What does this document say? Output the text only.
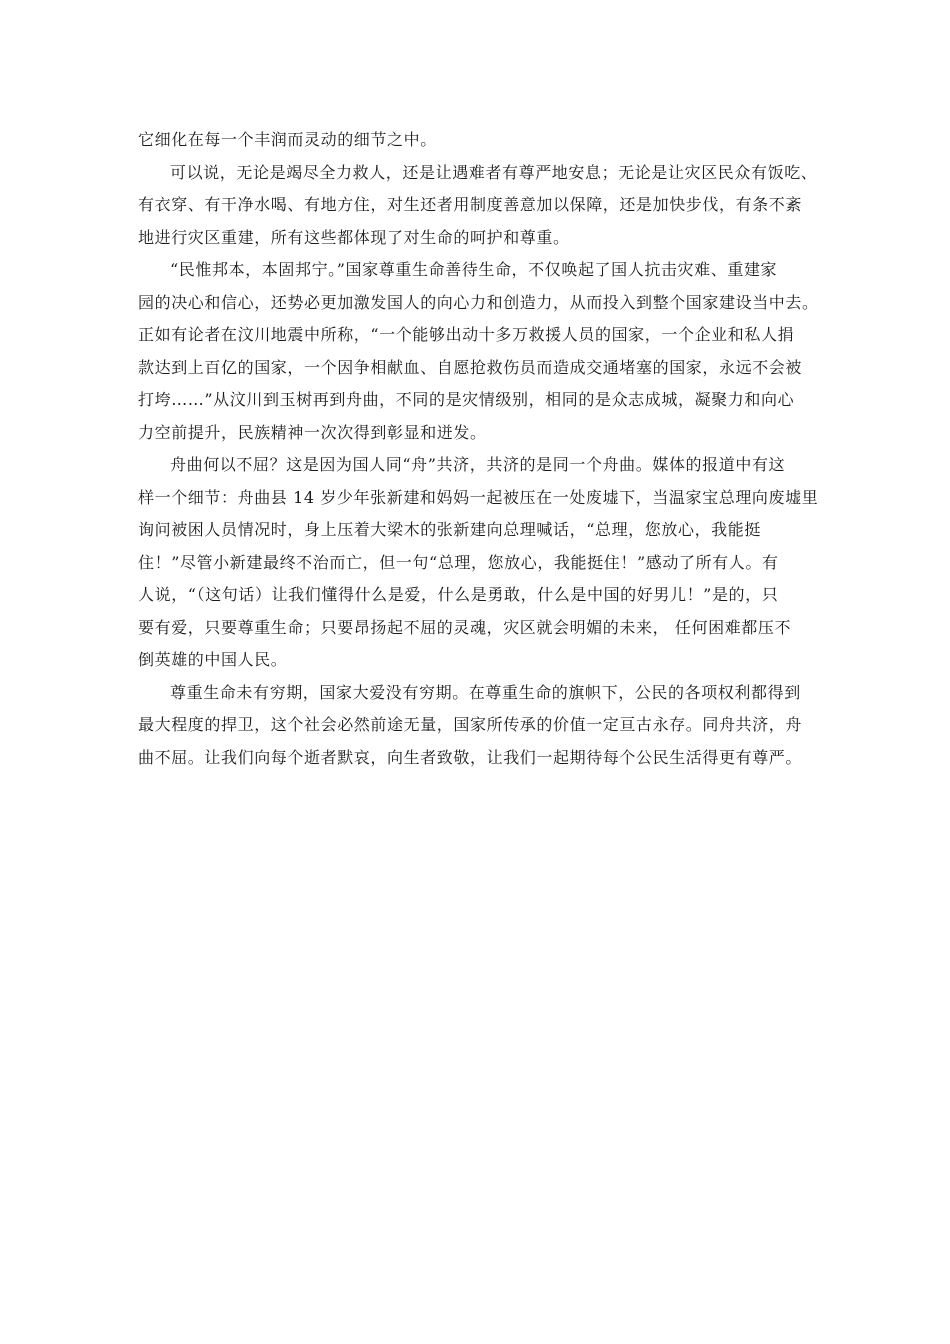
它细化在每一个丰润而灵动的细节之中。
可以说，无论是竭尽全力救人，还是让遇难者有尊严地安息；无论是让灾区民众有饭吃、
有衣穿、有干净水喝、有地方住，对生还者用制度善意加以保障，还是加快步伐，有条不紊
地进行灾区重建，所有这些都体现了对生命的呵护和尊重。
“民惟邦本，本固邦宁。”国家尊重生命善待生命，不仅唤起了国人抗击灾难、重建家
园的决心和信心，还势必更加激发国人的向心力和创造力，从而投入到整个国家建设当中去。
正如有论者在汶川地震中所称，“一个能够出动十多万救援人员的国家，一个企业和私人捐
款达到上百亿的国家，一个因争相献血、自愿抢救伤员而造成交通堵塞的国家，永远不会被
打垮……”从汶川到玉树再到舟曲，不同的是灾情级别，相同的是众志成城，凝聚力和向心
力空前提升，民族精神一次次得到彰显和迸发。
舟曲何以不屈？这是因为国人同“舟”共济，共济的是同一个舟曲。媒体的报道中有这
样一个细节：舟曲县 14 岁少年张新建和妈妈一起被压在一处废墟下，当温家宝总理向废墟里
询问被困人员情况时，身上压着大梁木的张新建向总理喊话，“总理，您放心，我能挺
住！”尽管小新建最终不治而亡，但一句“总理，您放心，我能挺住！”感动了所有人。有
人说，“（这句话）让我们懂得什么是爱，什么是勇敢，什么是中国的好男儿！”是的，只
要有爱，只要尊重生命；只要昂扬起不屈的灵魂，灾区就会明媚的未来， 任何困难都压不
倒英雄的中国人民。
尊重生命未有穷期，国家大爱没有穷期。在尊重生命的旗帜下，公民的各项权利都得到
最大程度的捍卫，这个社会必然前途无量，国家所传承的价值一定亘古永存。同舟共济，舟
曲不屈。让我们向每个逝者默哀，向生者致敬，让我们一起期待每个公民生活得更有尊严。
